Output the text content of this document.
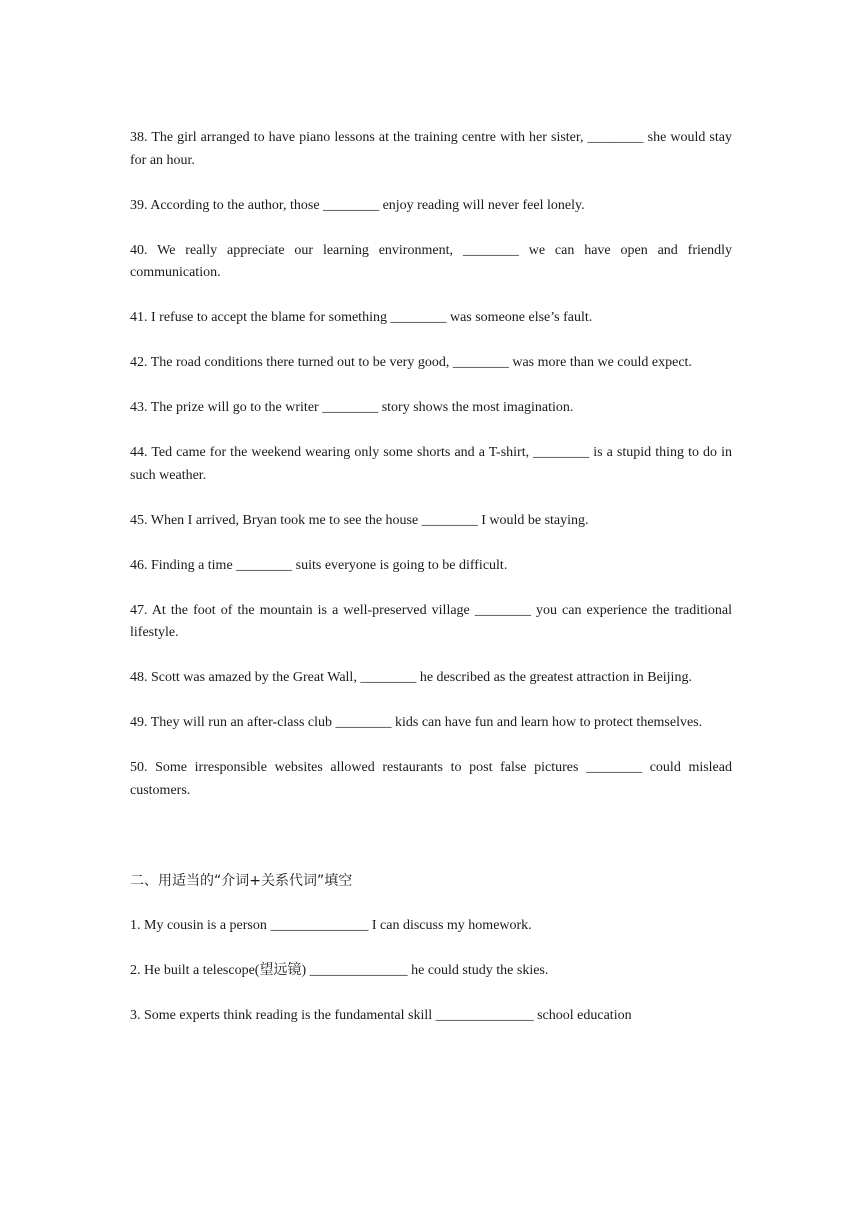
38. The girl arranged to have piano lessons at the training centre with her sister, ________ she would stay for an hour.

39. According to the author, those ________ enjoy reading will never feel lonely.

40. We really appreciate our learning environment, ________ we can have open and friendly communication.

41. I refuse to accept the blame for something ________ was someone else’s fault.

42. The road conditions there turned out to be very good, ________ was more than we could expect.

43. The prize will go to the writer ________ story shows the most imagination.

44. Ted came for the weekend wearing only some shorts and a T-shirt, ________ is a stupid thing to do in such weather.

45. When I arrived, Bryan took me to see the house ________ I would be staying.

46. Finding a time ________ suits everyone is going to be difficult.

47. At the foot of the mountain is a well-preserved village ________ you can experience the traditional lifestyle.

48. Scott was amazed by the Great Wall, ________ he described as the greatest attraction in Beijing.

49. They will run an after-class club ________ kids can have fun and learn how to protect themselves.

50. Some irresponsible websites allowed restaurants to post false pictures ________ could mislead customers.

二、用适当的“介词+关系代词”填空

1. My cousin is a person ______________ I can discuss my homework.

2. He built a telescope(望远镜) ______________ he could study the skies.

3. Some experts think reading is the fundamental skill ______________ school education
